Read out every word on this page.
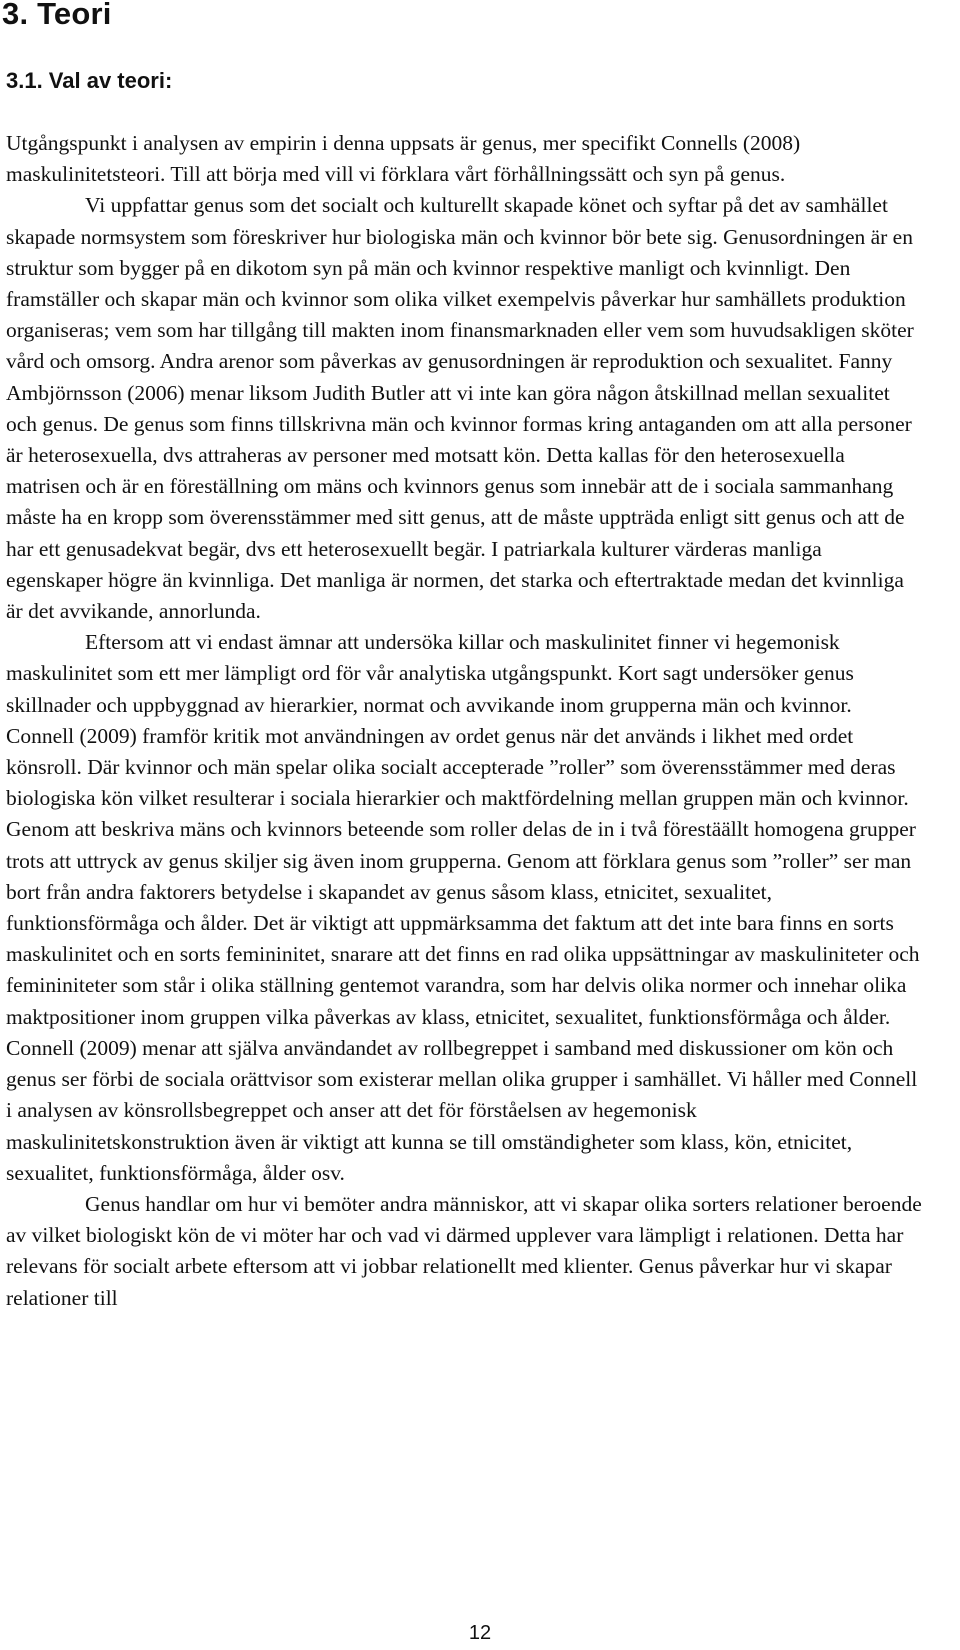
3. Teori
3.1. Val av teori:

Utgångspunkt i analysen av empirin i denna uppsats är genus, mer specifikt Connells (2008) maskulinitetsteori. Till att börja med vill vi förklara vårt förhållningssätt och syn på genus.

Vi uppfattar genus som det socialt och kulturellt skapade könet och syftar på det av samhället skapade normsystem som föreskriver hur biologiska män och kvinnor bör bete sig. Genusordningen är en struktur som bygger på en dikotom syn på män och kvinnor respektive manligt och kvinnligt. Den framställer och skapar män och kvinnor som olika vilket exempelvis påverkar hur samhällets produktion organiseras; vem som har tillgång till makten inom finansmarknaden eller vem som huvudsakligen sköter vård och omsorg. Andra arenor som påverkas av genusordningen är reproduktion och sexualitet. Fanny Ambjörnsson (2006) menar liksom Judith Butler att vi inte kan göra någon åtskillnad mellan sexualitet och genus. De genus som finns tillskrivna män och kvinnor formas kring antaganden om att alla personer är heterosexuella, dvs attraheras av personer med motsatt kön. Detta kallas för den heterosexuella matrisen och är en föreställning om mäns och kvinnors genus som innebär att de i sociala sammanhang måste ha en kropp som överensstämmer med sitt genus, att de måste uppträda enligt sitt genus och att de har ett genusadekvat begär, dvs ett heterosexuellt begär. I patriarkala kulturer värderas manliga egenskaper högre än kvinnliga. Det manliga är normen, det starka och eftertraktade medan det kvinnliga är det avvikande, annorlunda.

Eftersom att vi endast ämnar att undersöka killar och maskulinitet finner vi hegemonisk maskulinitet som ett mer lämpligt ord för vår analytiska utgångspunkt. Kort sagt undersöker genus skillnader och uppbyggnad av hierarkier, normat och avvikande inom grupperna män och kvinnor. Connell (2009) framför kritik mot användningen av ordet genus när det används i likhet med ordet könsroll. Där kvinnor och män spelar olika socialt accepterade ”roller” som överensstämmer med deras biologiska kön vilket resulterar i sociala hierarkier och maktfördelning mellan gruppen män och kvinnor. Genom att beskriva mäns och kvinnors beteende som roller delas de in i två förestäällt homogena grupper trots att uttryck av genus skiljer sig även inom grupperna. Genom att förklara genus som ”roller” ser man bort från andra faktorers betydelse i skapandet av genus såsom klass, etnicitet, sexualitet, funktionsförmåga och ålder. Det är viktigt att uppmärksamma det faktum att det inte bara finns en sorts maskulinitet och en sorts femininitet, snarare att det finns en rad olika uppsättningar av maskuliniteter och femininiteter som står i olika ställning gentemot varandra, som har delvis olika normer och innehar olika maktpositioner inom gruppen vilka påverkas av klass, etnicitet, sexualitet, funktionsförmåga och ålder. Connell (2009) menar att själva användandet av rollbegreppet i samband med diskussioner om kön och genus ser förbi de sociala orättvisor som existerar mellan olika grupper i samhället. Vi håller med Connell i analysen av könsrollsbegreppet och anser att det för förståelsen av hegemonisk maskulinitetskonstruktion även är viktigt att kunna se till omständigheter som klass, kön, etnicitet, sexualitet, funktionsförmåga, ålder osv.

Genus handlar om hur vi bemöter andra människor, att vi skapar olika sorters relationer beroende av vilket biologiskt kön de vi möter har och vad vi därmed upplever vara lämpligt i relationen. Detta har relevans för socialt arbete eftersom att vi jobbar relationellt med klienter. Genus påverkar hur vi skapar relationer till

12
